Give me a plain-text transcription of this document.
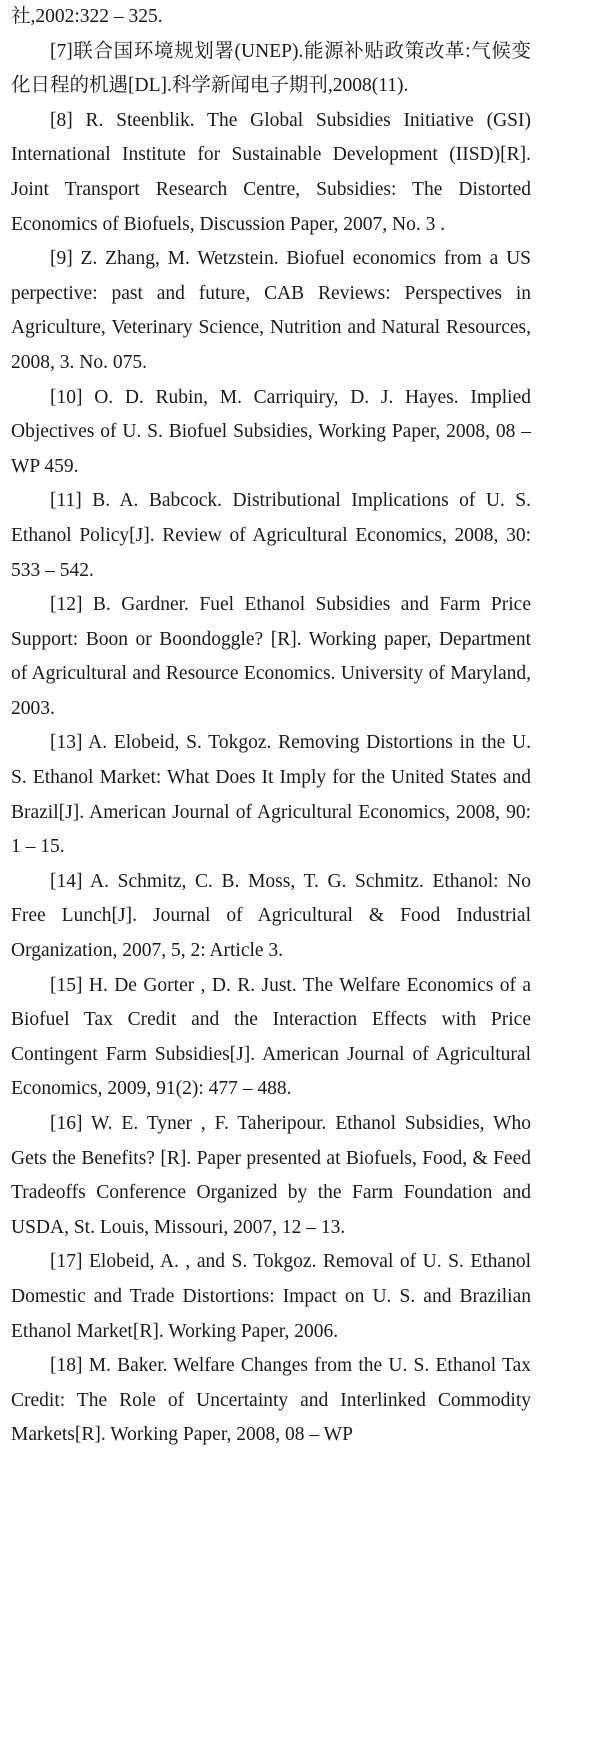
社,2002:322 – 325.

[7]联合国环境规划署(UNEP).能源补贴政策改革:气候变化日程的机遇[DL].科学新闻电子期刊,2008(11).

[8] R. Steenblik. The Global Subsidies Initiative (GSI) International Institute for Sustainable Development (IISD)[R]. Joint Transport Research Centre, Subsidies: The Distorted Economics of Biofuels, Discussion Paper, 2007, No. 3 .

[9] Z. Zhang, M. Wetzstein. Biofuel economics from a US perpective: past and future, CAB Reviews: Perspectives in Agriculture, Veterinary Science, Nutrition and Natural Resources, 2008, 3. No. 075.

[10] O. D. Rubin, M. Carriquiry, D. J. Hayes. Implied Objectives of U. S. Biofuel Subsidies, Working Paper, 2008, 08 – WP 459.

[11] B. A. Babcock. Distributional Implications of U. S. Ethanol Policy[J]. Review of Agricultural Economics, 2008, 30: 533 – 542.

[12] B. Gardner. Fuel Ethanol Subsidies and Farm Price Support: Boon or Boondoggle? [R]. Working paper, Department of Agricultural and Resource Economics. University of Maryland, 2003.

[13] A. Elobeid, S. Tokgoz. Removing Distortions in the U. S. Ethanol Market: What Does It Imply for the United States and Brazil[J]. American Journal of Agricultural Economics, 2008, 90: 1 – 15.

[14] A. Schmitz, C. B. Moss, T. G. Schmitz. Ethanol: No Free Lunch[J]. Journal of Agricultural & Food Industrial Organization, 2007, 5, 2: Article 3.

[15] H. De Gorter , D. R. Just. The Welfare Economics of a Biofuel Tax Credit and the Interaction Effects with Price Contingent Farm Subsidies[J]. American Journal of Agricultural Economics, 2009, 91(2): 477 – 488.

[16] W. E. Tyner , F. Taheripour. Ethanol Subsidies, Who Gets the Benefits? [R]. Paper presented at Biofuels, Food, & Feed Tradeoffs Conference Organized by the Farm Foundation and USDA, St. Louis, Missouri, 2007, 12 – 13.

[17] Elobeid, A. , and S. Tokgoz. Removal of U. S. Ethanol Domestic and Trade Distortions: Impact on U. S. and Brazilian Ethanol Market[R]. Working Paper, 2006.

[18] M. Baker. Welfare Changes from the U. S. Ethanol Tax Credit: The Role of Uncertainty and Interlinked Commodity Markets[R]. Working Paper, 2008, 08 – WP
